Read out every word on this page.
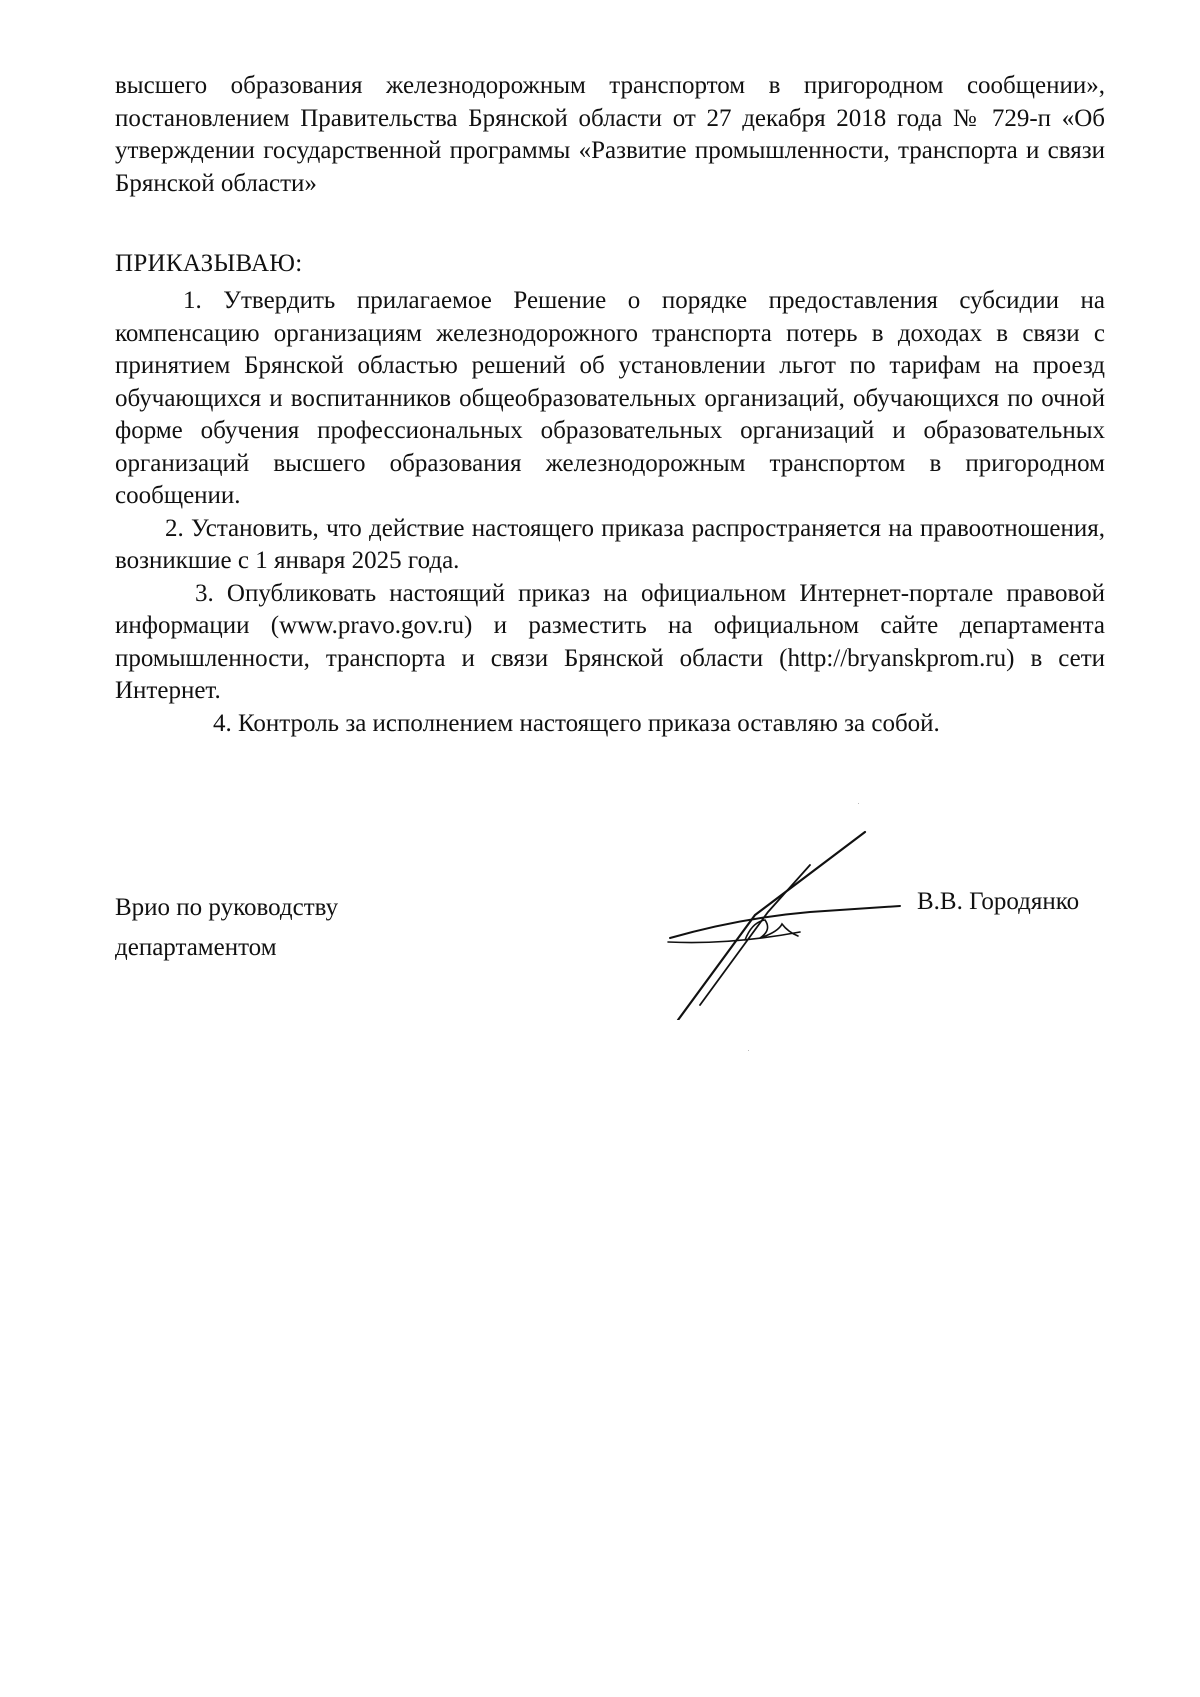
высшего образования железнодорожным транспортом в пригородном сообщении», постановлением Правительства Брянской области от 27 декабря 2018 года № 729-п «Об утверждении государственной программы «Развитие промышленности, транспорта и связи Брянской области»

ПРИКАЗЫВАЮ:

1. Утвердить прилагаемое Решение о порядке предоставления субсидии на компенсацию организациям железнодорожного транспорта потерь в доходах в связи с принятием Брянской областью решений об установлении льгот по тарифам на проезд обучающихся и воспитанников общеобразовательных организаций, обучающихся по очной форме обучения профессиональных образовательных организаций и образовательных организаций высшего образования железнодорожным транспортом в пригородном сообщении.

2. Установить, что действие настоящего приказа распространяется на правоотношения, возникшие с 1 января 2025 года.

3. Опубликовать настоящий приказ на официальном Интернет-портале правовой информации (www.pravo.gov.ru) и разместить на официальном сайте департамента промышленности, транспорта и связи Брянской области (http://bryanskprom.ru) в сети Интернет.

4. Контроль за исполнением настоящего приказа оставляю за собой.

Врио по руководству
департаментом
В.В. Городянко
